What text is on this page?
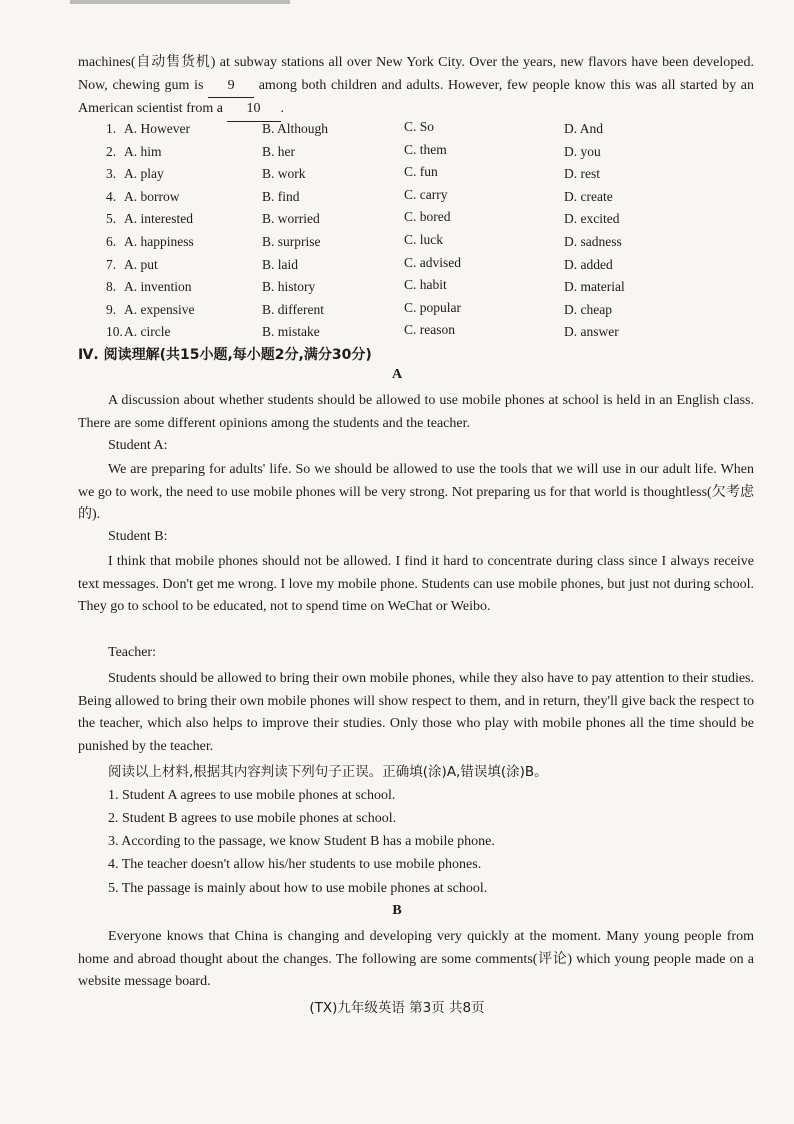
machines(自动售货机) at subway stations all over New York City. Over the years, new flavors have been developed. Now, chewing gum is 9 among both children and adults. However, few people know this was all started by an American scientist from a 10 .

1. A. However	B. Although	C. So	D. And
2. A. him	B. her	C. them	D. you
3. A. play	B. work	C. fun	D. rest
4. A. borrow	B. find	C. carry	D. create
5. A. interested	B. worried	C. bored	D. excited
6. A. happiness	B. surprise	C. luck	D. sadness
7. A. put	B. laid	C. advised	D. added
8. A. invention	B. history	C. habit	D. material
9. A. expensive	B. different	C. popular	D. cheap
10. A. circle	B. mistake	C. reason	D. answer
Ⅳ. 阅读理解(共15小题,每小题2分,满分30分)
A

A discussion about whether students should be allowed to use mobile phones at school is held in an English class. There are some different opinions among the students and the teacher.

Student A:

We are preparing for adults' life. So we should be allowed to use the tools that we will use in our adult life. When we go to work, the need to use mobile phones will be very strong. Not preparing us for that world is thoughtless(欠考虑的).

Student B:

I think that mobile phones should not be allowed. I find it hard to concentrate during class since I always receive text messages. Don't get me wrong. I love my mobile phone. Students can use mobile phones, but just not during school. They go to school to be educated, not to spend time on WeChat or Weibo.

Teacher:

Students should be allowed to bring their own mobile phones, while they also have to pay attention to their studies. Being allowed to bring their own mobile phones will show respect to them, and in return, they'll give back the respect to the teacher, which also helps to improve their studies. Only those who play with mobile phones all the time should be punished by the teacher.

阅读以上材料,根据其内容判读下列句子正误。正确填(涂)A,错误填(涂)B。
1. Student A agrees to use mobile phones at school.
2. Student B agrees to use mobile phones at school.
3. According to the passage, we know Student B has a mobile phone.
4. The teacher doesn't allow his/her students to use mobile phones.
5. The passage is mainly about how to use mobile phones at school.
B

Everyone knows that China is changing and developing very quickly at the moment. Many young people from home and abroad thought about the changes. The following are some comments(评论) which young people made on a website message board.

(TX)九年级英语 第3页 共8页
